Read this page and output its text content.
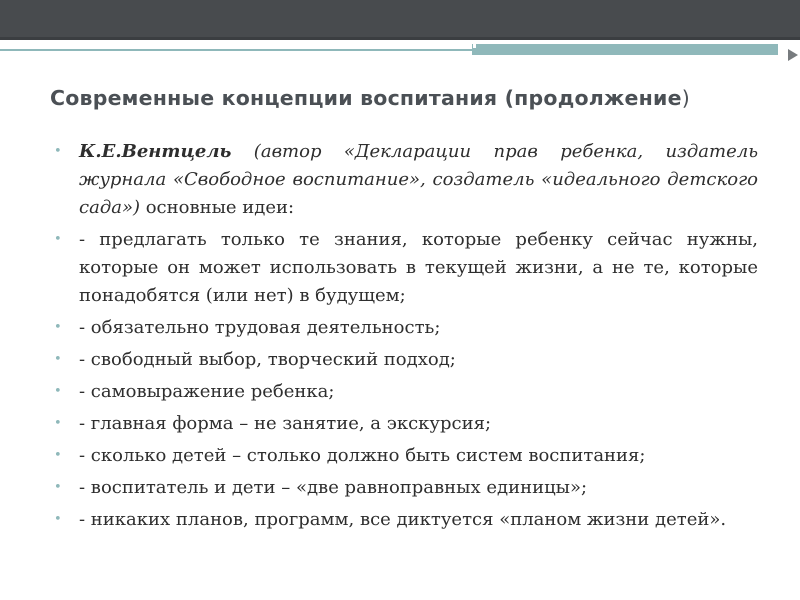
Современные концепции воспитания (продолжение)
• К.Е.Вентцель (автор «Декларации прав ребенка, издатель журнала «Свободное воспитание», создатель «идеального детского сада») основные идеи:
• - предлагать только те знания, которые ребенку сейчас нужны, которые он может использовать в текущей жизни, а не те, которые понадобятся (или нет) в будущем;
• - обязательно трудовая деятельность;
• - свободный выбор, творческий подход;
• - самовыражение ребенка;
• - главная форма – не занятие, а экскурсия;
• - сколько детей – столько должно быть систем воспитания;
• - воспитатель и дети – «две равноправных единицы»;
• - никаких планов, программ, все диктуется «планом жизни детей».
